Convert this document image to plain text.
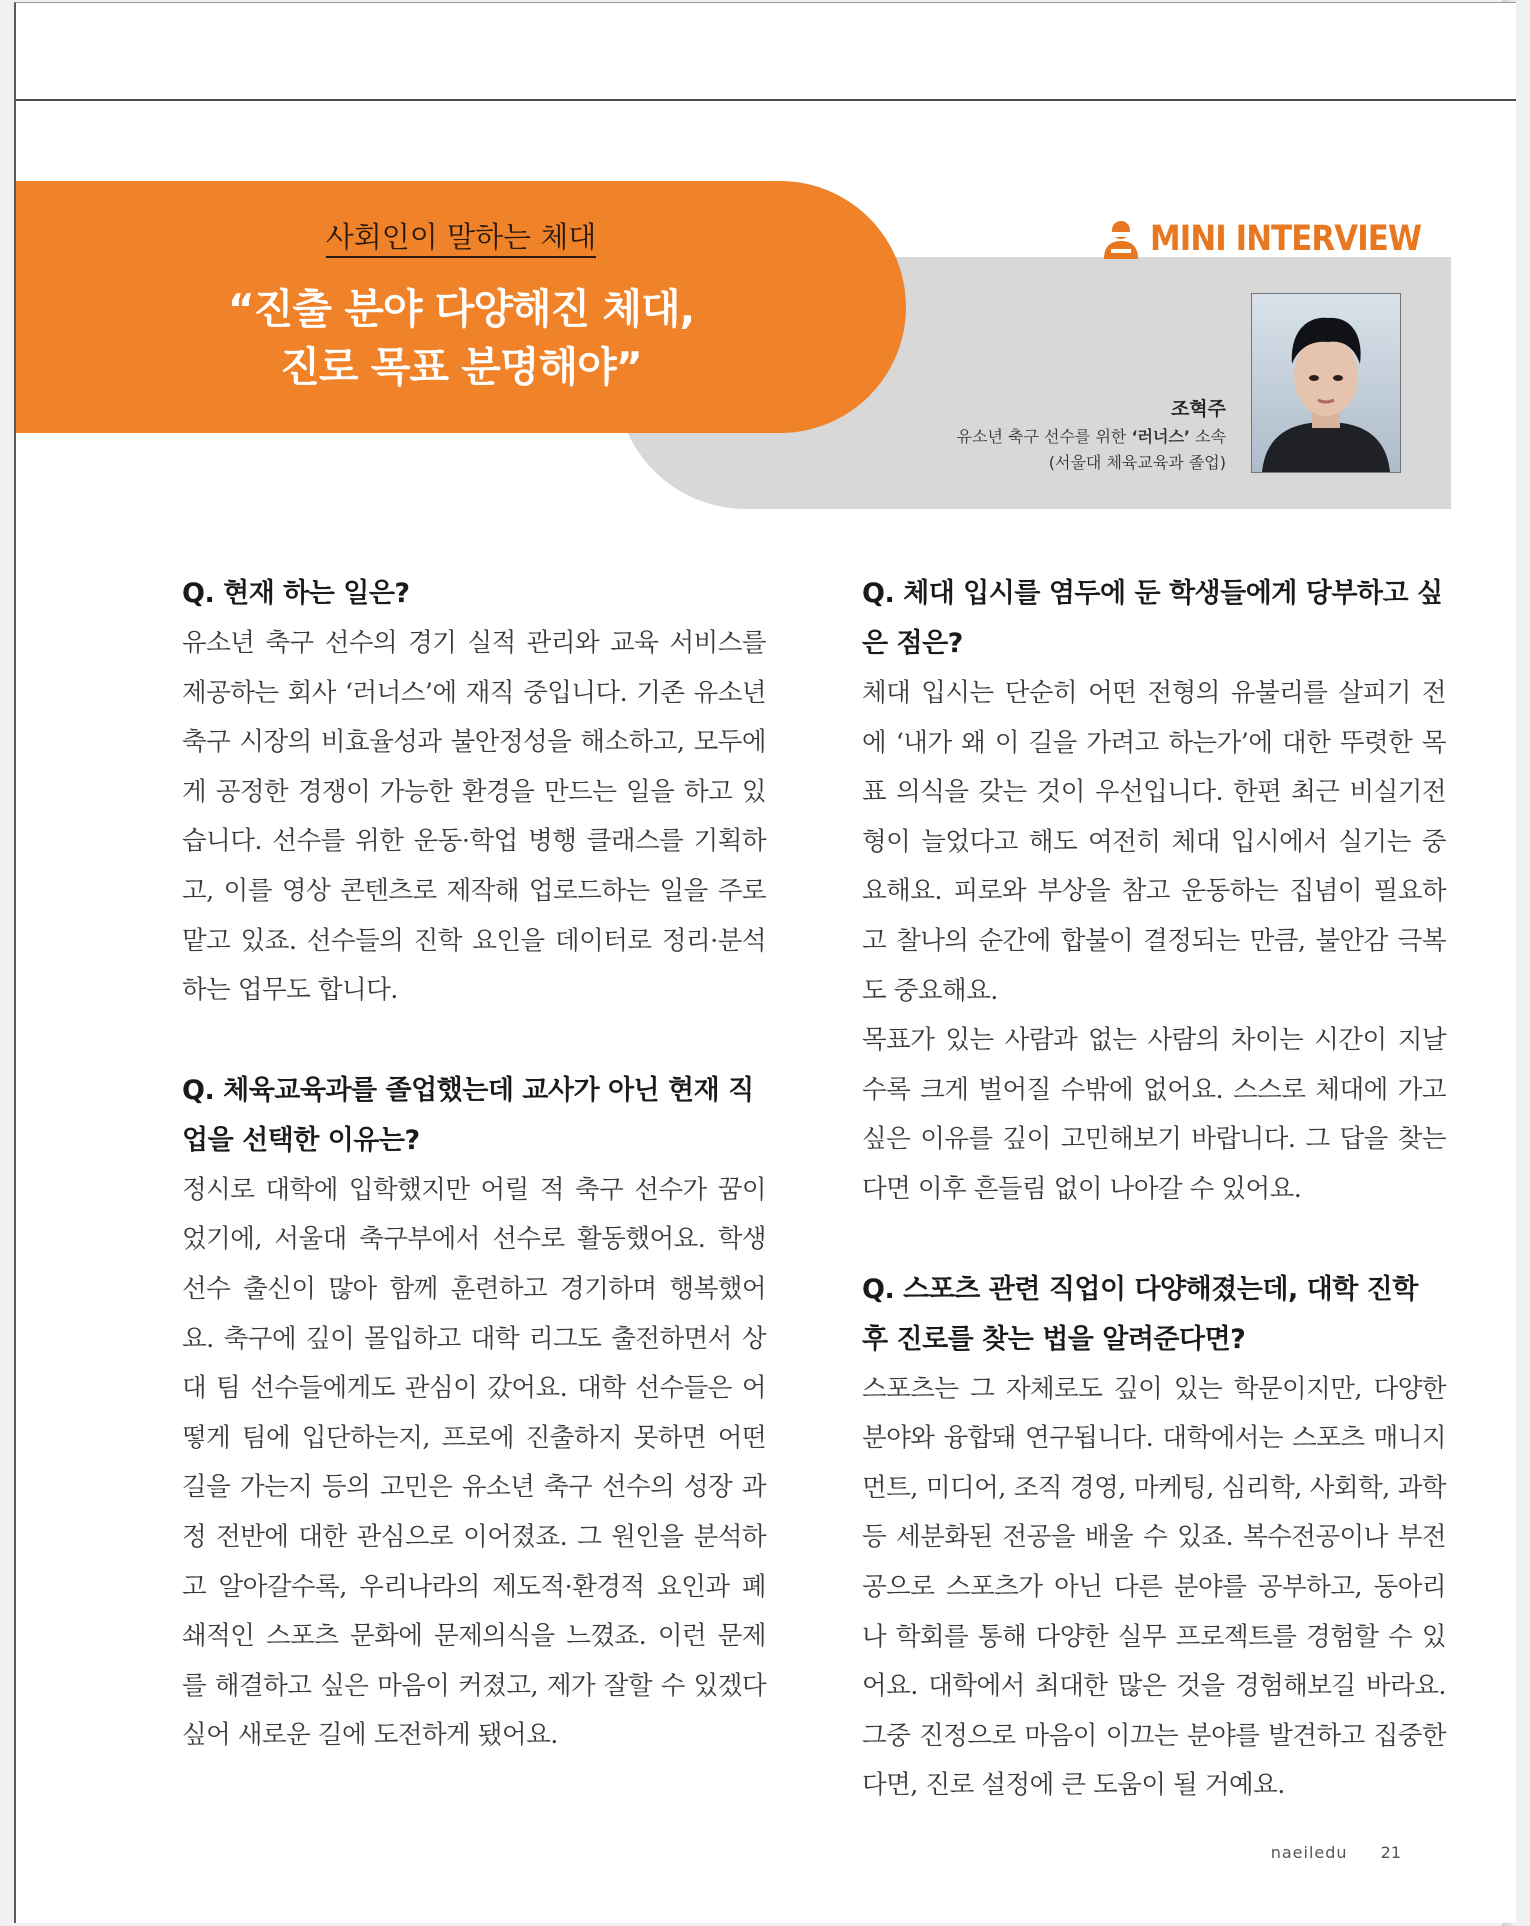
사회인이 말하는 체대
“진출 분야 다양해진 체대,
진로 목표 분명해야”
MINI INTERVIEW
조혁주
유소년 축구 선수를 위한 ‘러너스’ 소속
(서울대 체육교육과 졸업)
Q. 현재 하는 일은?

유소년 축구 선수의 경기 실적 관리와 교육 서비스를 제공하는 회사 ‘러너스’에 재직 중입니다. 기존 유소년 축구 시장의 비효율성과 불안정성을 해소하고, 모두에게 공정한 경쟁이 가능한 환경을 만드는 일을 하고 있습니다. 선수를 위한 운동·학업 병행 클래스를 기획하고, 이를 영상 콘텐츠로 제작해 업로드하는 일을 주로 맡고 있죠. 선수들의 진학 요인을 데이터로 정리·분석하는 업무도 합니다.

Q. 체육교육과를 졸업했는데 교사가 아닌 현재 직업을 선택한 이유는?

정시로 대학에 입학했지만 어릴 적 축구 선수가 꿈이었기에, 서울대 축구부에서 선수로 활동했어요. 학생 선수 출신이 많아 함께 훈련하고 경기하며 행복했어요. 축구에 깊이 몰입하고 대학 리그도 출전하면서 상대 팀 선수들에게도 관심이 갔어요. 대학 선수들은 어떻게 팀에 입단하는지, 프로에 진출하지 못하면 어떤 길을 가는지 등의 고민은 유소년 축구 선수의 성장 과정 전반에 대한 관심으로 이어졌죠. 그 원인을 분석하고 알아갈수록, 우리나라의 제도적·환경적 요인과 폐쇄적인 스포츠 문화에 문제의식을 느꼈죠. 이런 문제를 해결하고 싶은 마음이 커졌고, 제가 잘할 수 있겠다 싶어 새로운 길에 도전하게 됐어요.

Q. 체대 입시를 염두에 둔 학생들에게 당부하고 싶은 점은?

체대 입시는 단순히 어떤 전형의 유불리를 살피기 전에 ‘내가 왜 이 길을 가려고 하는가’에 대한 뚜렷한 목표 의식을 갖는 것이 우선입니다. 한편 최근 비실기전형이 늘었다고 해도 여전히 체대 입시에서 실기는 중요해요. 피로와 부상을 참고 운동하는 집념이 필요하고 찰나의 순간에 합불이 결정되는 만큼, 불안감 극복도 중요해요.

목표가 있는 사람과 없는 사람의 차이는 시간이 지날수록 크게 벌어질 수밖에 없어요. 스스로 체대에 가고 싶은 이유를 깊이 고민해보기 바랍니다. 그 답을 찾는다면 이후 흔들림 없이 나아갈 수 있어요.

Q. 스포츠 관련 직업이 다양해졌는데, 대학 진학 후 진로를 찾는 법을 알려준다면?

스포츠는 그 자체로도 깊이 있는 학문이지만, 다양한 분야와 융합돼 연구됩니다. 대학에서는 스포츠 매니지먼트, 미디어, 조직 경영, 마케팅, 심리학, 사회학, 과학 등 세분화된 전공을 배울 수 있죠. 복수전공이나 부전공으로 스포츠가 아닌 다른 분야를 공부하고, 동아리나 학회를 통해 다양한 실무 프로젝트를 경험할 수 있어요. 대학에서 최대한 많은 것을 경험해보길 바라요. 그중 진정으로 마음이 이끄는 분야를 발견하고 집중한다면, 진로 설정에 큰 도움이 될 거예요.

naeiledu 21
